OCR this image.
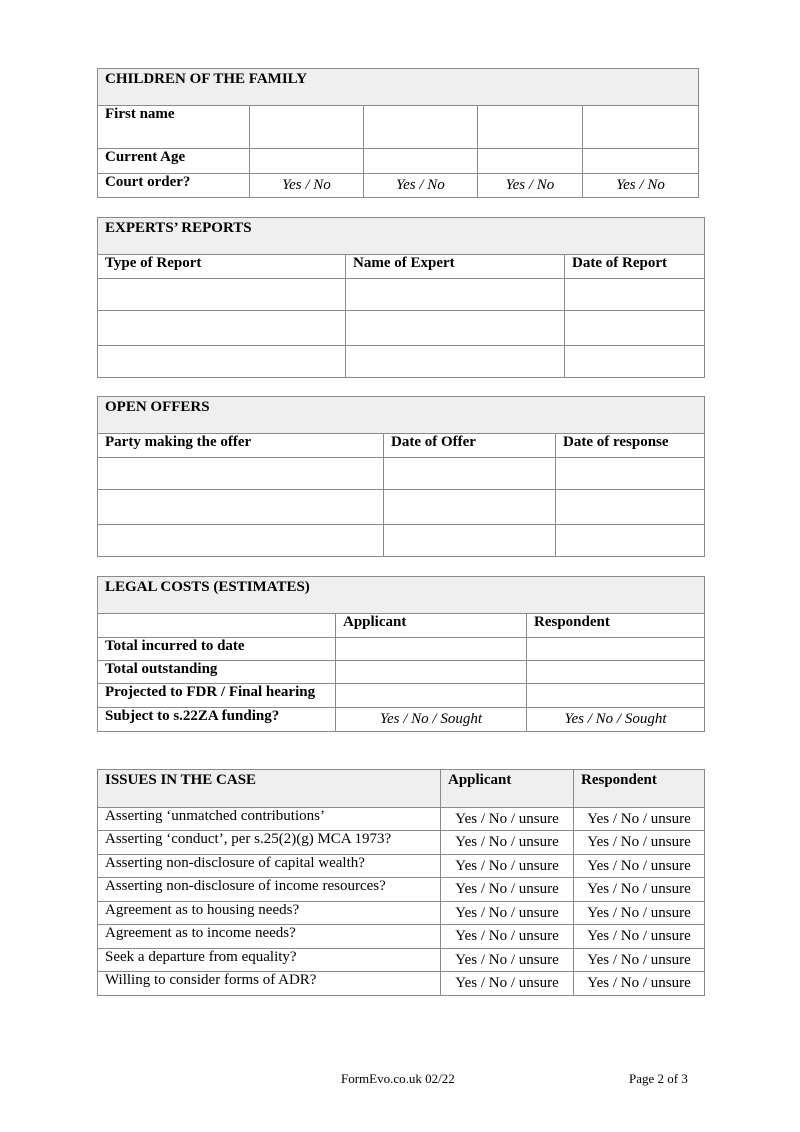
CHILDREN OF THE FAMILY				
First name				
Current Age				
Court order?	Yes / No	Yes / No	Yes / No	Yes / No
EXPERTS’ REPORTS		
Type of Report	Name of Expert	Date of Report

OPEN OFFERS		
Party making the offer	Date of Offer	Date of response

LEGAL COSTS (ESTIMATES)		
	Applicant	Respondent
Total incurred to date		
Total outstanding		
Projected to FDR / Final hearing		
Subject to s.22ZA funding?	Yes / No / Sought	Yes / No / Sought
ISSUES IN THE CASE	Applicant	Respondent
Asserting ‘unmatched contributions’	Yes / No / unsure	Yes / No / unsure
Asserting ‘conduct’, per s.25(2)(g) MCA 1973?	Yes / No / unsure	Yes / No / unsure
Asserting non-disclosure of capital wealth?	Yes / No / unsure	Yes / No / unsure
Asserting non-disclosure of income resources?	Yes / No / unsure	Yes / No / unsure
Agreement as to housing needs?	Yes / No / unsure	Yes / No / unsure
Agreement as to income needs?	Yes / No / unsure	Yes / No / unsure
Seek a departure from equality?	Yes / No / unsure	Yes / No / unsure
Willing to consider forms of ADR?	Yes / No / unsure	Yes / No / unsure
FormEvo.co.uk 02/22	Page 2 of 3
